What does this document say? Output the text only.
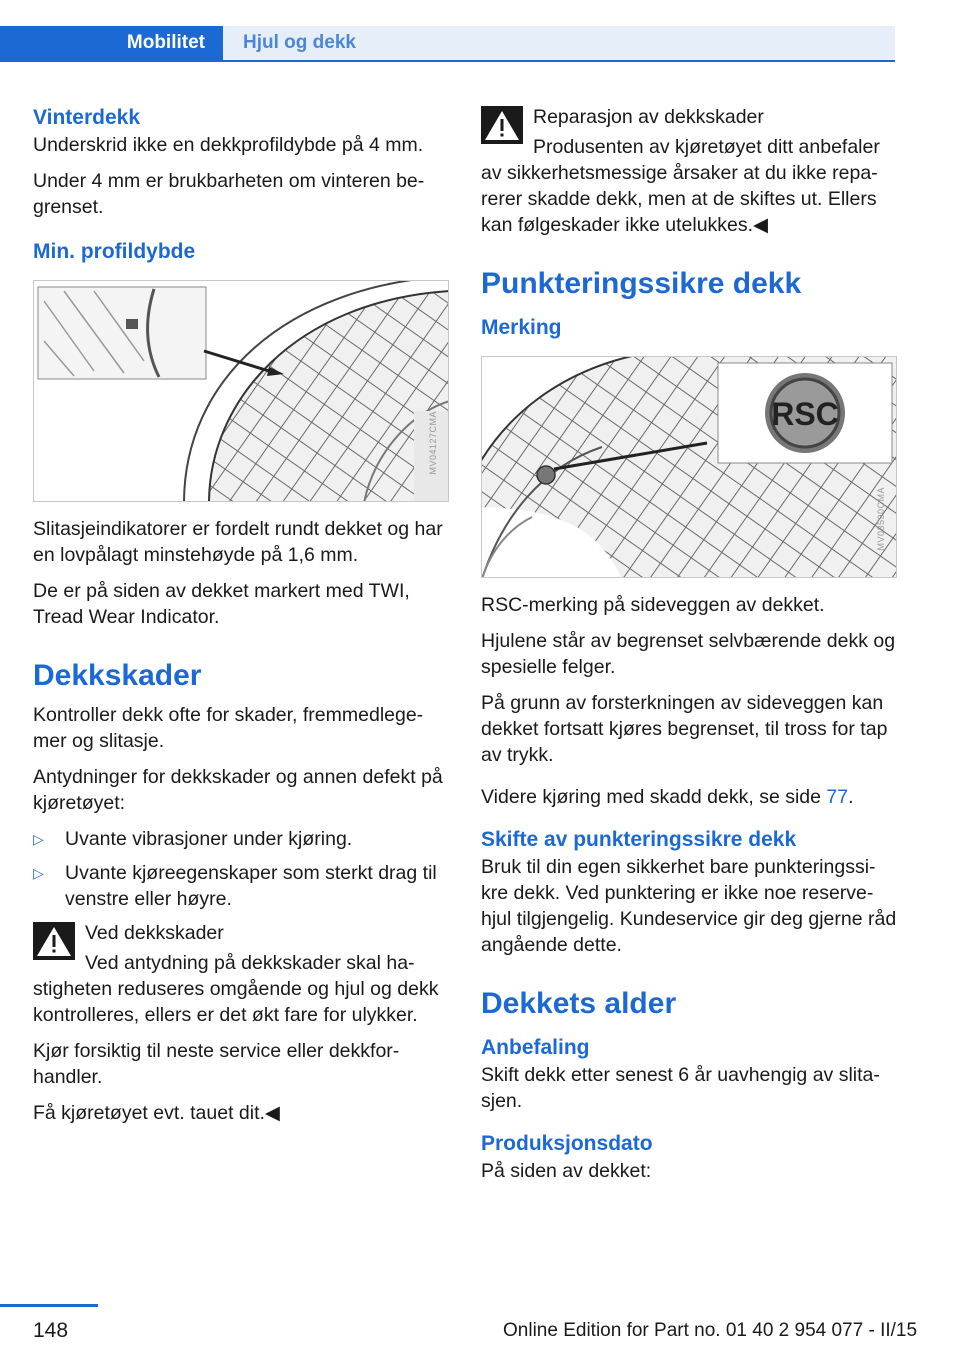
Mobilitet	Hjul og dekk
Vinterdekk

Underskrid ikke en dekkprofildybde på 4 mm.

Under 4 mm er brukbarheten om vinteren be-grenset.

Min. profildybde
MV04127CMA

Slitasjeindikatorer er fordelt rundt dekket og har en lovpålagt minstehøyde på 1,6 mm.

De er på siden av dekket markert med TWI, Tread Wear Indicator.

Dekkskader

Kontroller dekk ofte for skader, fremmedlege-mer og slitasje.

Antydninger for dekkskader og annen defekt på kjøretøyet:

▷	Uvante vibrasjoner under kjøring.
▷	Uvante kjøreegenskaper som sterkt drag til venstre eller høyre.

Ved dekkskader

Ved antydning på dekkskader skal ha-stigheten reduseres omgående og hjul og dekk kontrolleres, ellers er det økt fare for ulykker.

Kjør forsiktig til neste service eller dekkfor-handler.

Få kjøretøyet evt. tauet dit.◀

Reparasjon av dekkskader

Produsenten av kjøretøyet ditt anbefaler av sikkerhetsmessige årsaker at du ikke repa-rerer skadde dekk, men at de skiftes ut. Ellers kan følgeskader ikke utelukkes.◀

Punkteringssikre dekk
Merking
RSC
MV03590CMA

RSC-merking på sideveggen av dekket.

Hjulene står av begrenset selvbærende dekk og spesielle felger.

På grunn av forsterkningen av sideveggen kan dekket fortsatt kjøres begrenset, til tross for tap av trykk.

Videre kjøring med skadd dekk, se side 77.

Skifte av punkteringssikre dekk

Bruk til din egen sikkerhet bare punkteringssi-kre dekk. Ved punktering er ikke noe reserve-hjul tilgjengelig. Kundeservice gir deg gjerne råd angående dette.

Dekkets alder
Anbefaling

Skift dekk etter senest 6 år uavhengig av slita-sjen.

Produksjonsdato

På siden av dekket:

148	Online Edition for Part no. 01 40 2 954 077 - II/15
